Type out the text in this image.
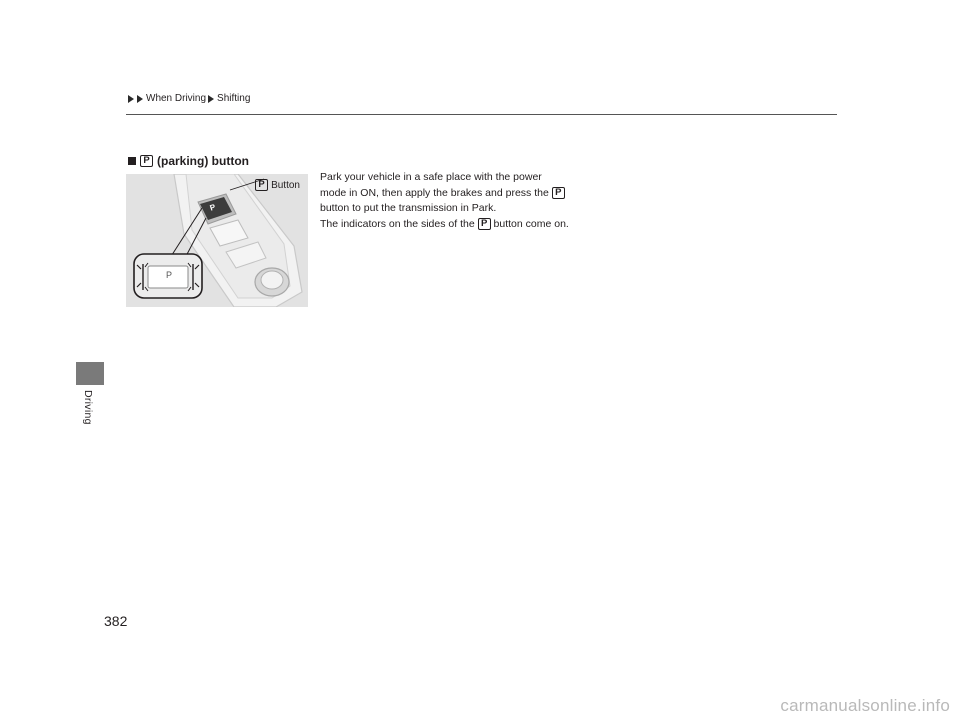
When Driving Shifting
Driving
P (parking) button
P
P
P Button

Park your vehicle in a safe place with the power mode in ON, then apply the brakes and press the P button to put the transmission in Park.

The indicators on the sides of the P button come on.

382
carmanualsonline.info
